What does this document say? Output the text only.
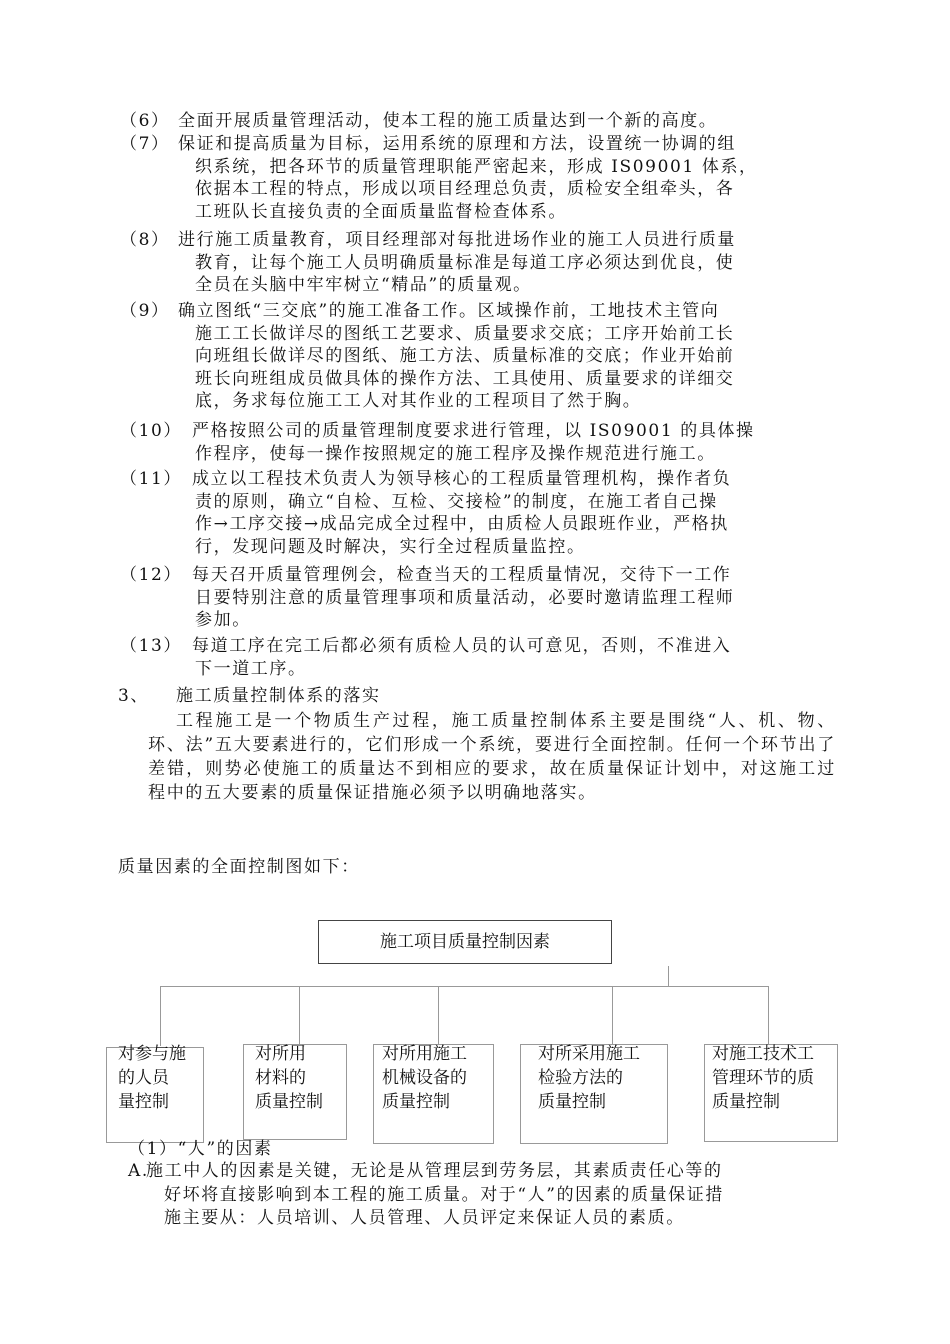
（6） 全面开展质量管理活动，使本工程的施工质量达到一个新的高度。
（7） 保证和提高质量为目标，运用系统的原理和方法，设置统一协调的组
织系统，把各环节的质量管理职能严密起来，形成 IS09001 体系，
依据本工程的特点，形成以项目经理总负责，质检安全组牵头，各
工班队长直接负责的全面质量监督检查体系。
（8） 进行施工质量教育，项目经理部对每批进场作业的施工人员进行质量
教育，让每个施工人员明确质量标准是每道工序必须达到优良，使
全员在头脑中牢牢树立“精品”的质量观。
（9） 确立图纸“三交底”的施工准备工作。区域操作前，工地技术主管向
施工工长做详尽的图纸工艺要求、质量要求交底；工序开始前工长
向班组长做详尽的图纸、施工方法、质量标准的交底；作业开始前
班长向班组成员做具体的操作方法、工具使用、质量要求的详细交
底，务求每位施工工人对其作业的工程项目了然于胸。
（10） 严格按照公司的质量管理制度要求进行管理，以 IS09001 的具体操
作程序，使每一操作按照规定的施工程序及操作规范进行施工。
（11） 成立以工程技术负责人为领导核心的工程质量管理机构，操作者负
责的原则，确立“自检、互检、交接检”的制度，在施工者自己操
作→工序交接→成品完成全过程中，由质检人员跟班作业，严格执
行，发现问题及时解决，实行全过程质量监控。
（12） 每天召开质量管理例会，检查当天的工程质量情况，交待下一工作
日要特别注意的质量管理事项和质量活动，必要时邀请监理工程师
参加。
（13） 每道工序在完工后都必须有质检人员的认可意见，否则，不准进入
下一道工序。
3、 施工质量控制体系的落实
工程施工是一个物质生产过程，施工质量控制体系主要是围绕“人、机、物、环、法”五大要素进行的，它们形成一个系统，要进行全面控制。任何一个环节出了差错，则势必使施工的质量达不到相应的要求，故在质量保证计划中，对这施工过程中的五大要素的质量保证措施必须予以明确地落实。
质量因素的全面控制图如下：
施工项目质量控制因素
对参与施
的人员
量控制
对所用
材料的
质量控制
对所用施工
机械设备的
质量控制
对所采用施工
检验方法的
质量控制
对施工技术工
管理环节的质
质量控制
（1）“人”的因素
A.
施工中人的因素是关键，无论是从管理层到劳务层，其素质责任心等的
好坏将直接影响到本工程的施工质量。对于“人”的因素的质量保证措
施主要从：人员培训、人员管理、人员评定来保证人员的素质。
